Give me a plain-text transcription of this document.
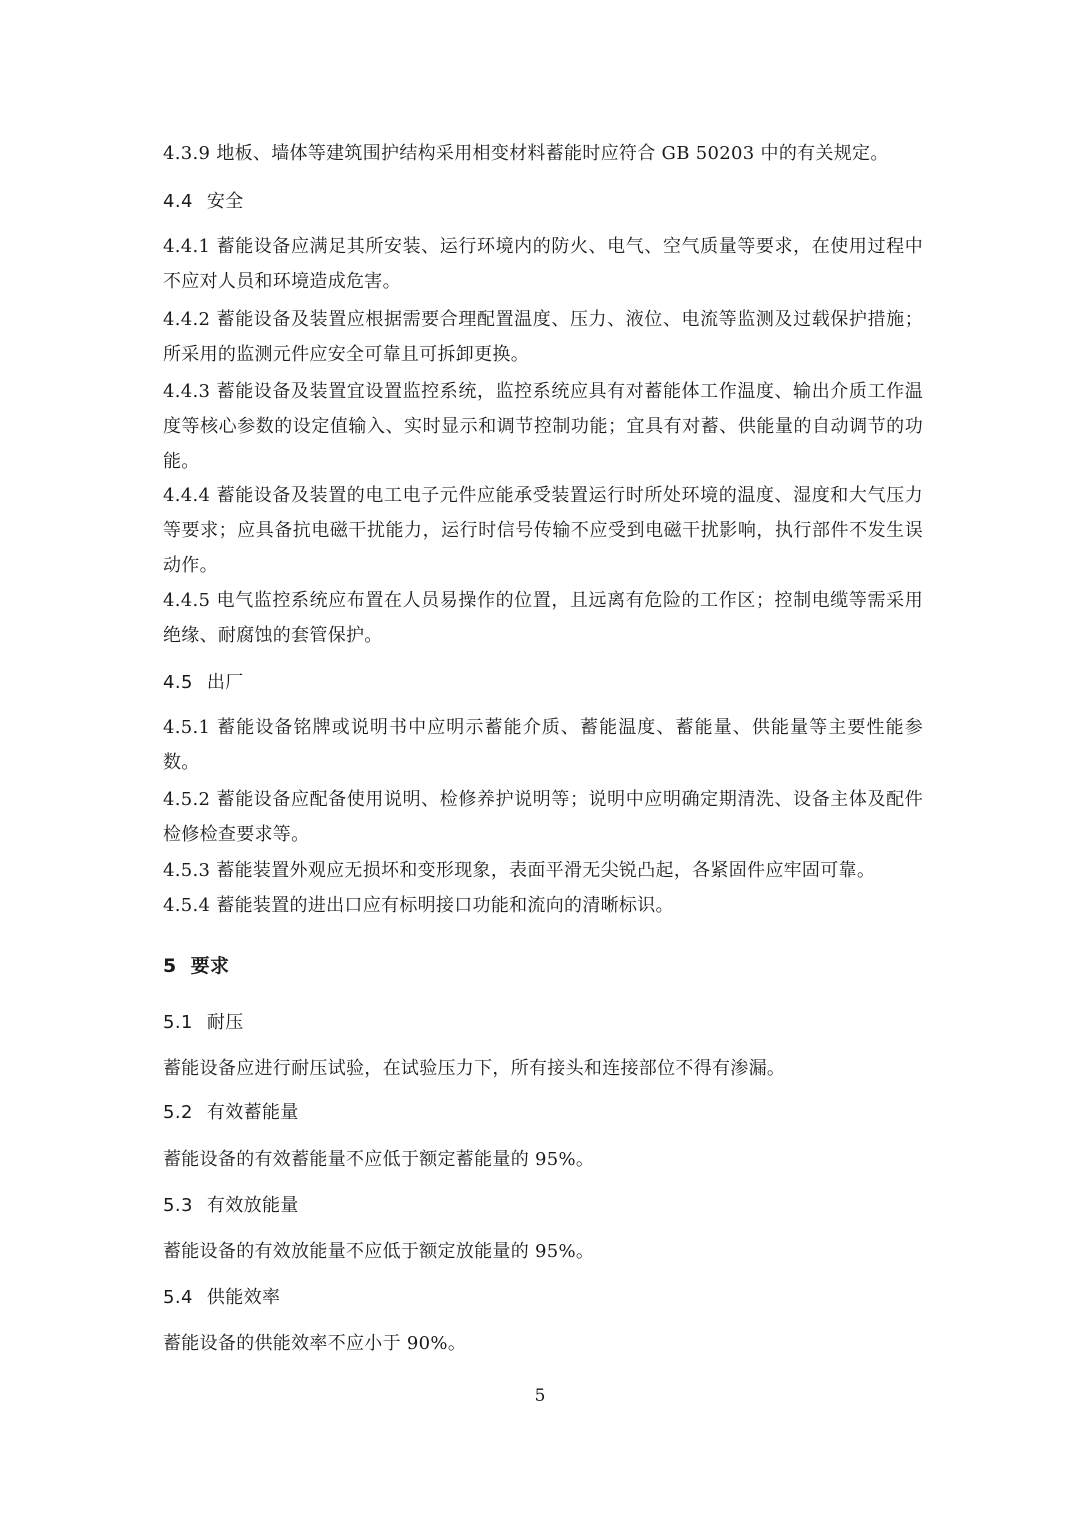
4.3.9 地板、墙体等建筑围护结构采用相变材料蓄能时应符合 GB 50203 中的有关规定。

4.4 安全

4.4.1 蓄能设备应满足其所安装、运行环境内的防火、电气、空气质量等要求，在使用过程中不应对人员和环境造成危害。

4.4.2 蓄能设备及装置应根据需要合理配置温度、压力、液位、电流等监测及过载保护措施；所采用的监测元件应安全可靠且可拆卸更换。

4.4.3 蓄能设备及装置宜设置监控系统，监控系统应具有对蓄能体工作温度、输出介质工作温度等核心参数的设定值输入、实时显示和调节控制功能；宜具有对蓄、供能量的自动调节的功能。

4.4.4 蓄能设备及装置的电工电子元件应能承受装置运行时所处环境的温度、湿度和大气压力等要求；应具备抗电磁干扰能力，运行时信号传输不应受到电磁干扰影响，执行部件不发生误动作。

4.4.5 电气监控系统应布置在人员易操作的位置，且远离有危险的工作区；控制电缆等需采用绝缘、耐腐蚀的套管保护。

4.5 出厂

4.5.1 蓄能设备铭牌或说明书中应明示蓄能介质、蓄能温度、蓄能量、供能量等主要性能参数。

4.5.2 蓄能设备应配备使用说明、检修养护说明等；说明中应明确定期清洗、设备主体及配件检修检查要求等。

4.5.3 蓄能装置外观应无损坏和变形现象，表面平滑无尖锐凸起，各紧固件应牢固可靠。

4.5.4 蓄能装置的进出口应有标明接口功能和流向的清晰标识。

5 要求
5.1 耐压

蓄能设备应进行耐压试验，在试验压力下，所有接头和连接部位不得有渗漏。

5.2 有效蓄能量

蓄能设备的有效蓄能量不应低于额定蓄能量的 95%。

5.3 有效放能量

蓄能设备的有效放能量不应低于额定放能量的 95%。

5.4 供能效率

蓄能设备的供能效率不应小于 90%。

5
